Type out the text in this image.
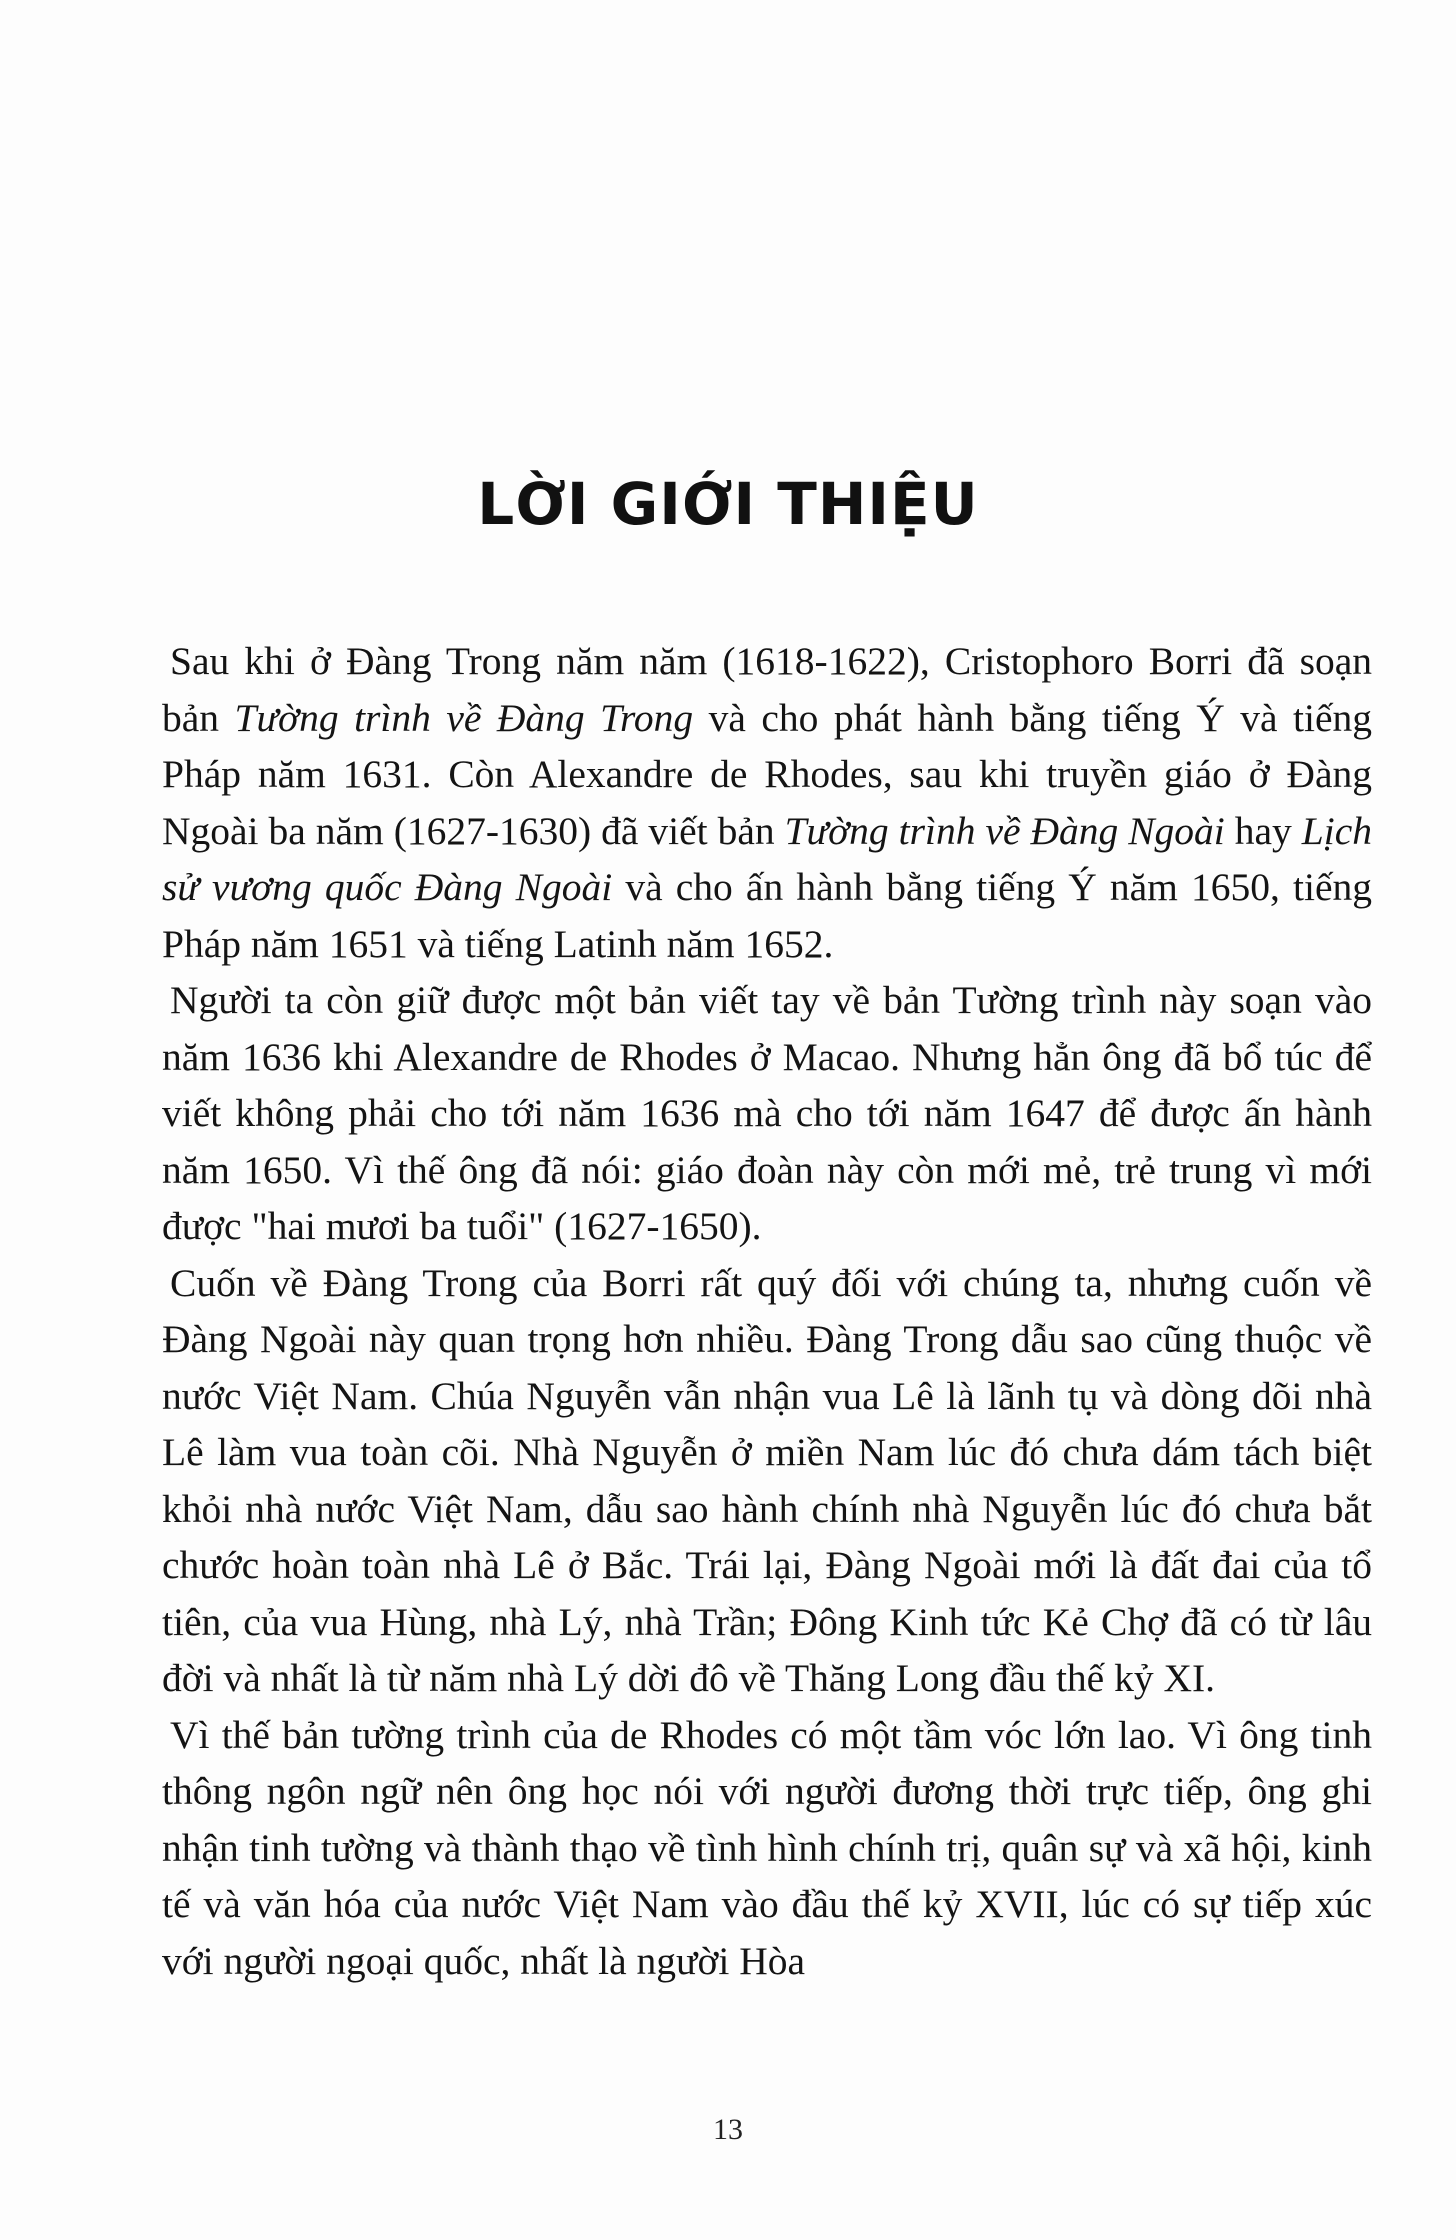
LỜI GIỚI THIỆU

Sau khi ở Đàng Trong năm năm (1618-1622), Cristophoro Borri đã soạn bản Tường trình về Đàng Trong và cho phát hành bằng tiếng Ý và tiếng Pháp năm 1631. Còn Alexandre de Rhodes, sau khi truyền giáo ở Đàng Ngoài ba năm (1627-1630) đã viết bản Tường trình về Đàng Ngoài hay Lịch sử vương quốc Đàng Ngoài và cho ấn hành bằng tiếng Ý năm 1650, tiếng Pháp năm 1651 và tiếng Latinh năm 1652.

Người ta còn giữ được một bản viết tay về bản Tường trình này soạn vào năm 1636 khi Alexandre de Rhodes ở Macao. Nhưng hẳn ông đã bổ túc để viết không phải cho tới năm 1636 mà cho tới năm 1647 để được ấn hành năm 1650. Vì thế ông đã nói: giáo đoàn này còn mới mẻ, trẻ trung vì mới được "hai mươi ba tuổi" (1627-1650).

Cuốn về Đàng Trong của Borri rất quý đối với chúng ta, nhưng cuốn về Đàng Ngoài này quan trọng hơn nhiều. Đàng Trong dẫu sao cũng thuộc về nước Việt Nam. Chúa Nguyễn vẫn nhận vua Lê là lãnh tụ và dòng dõi nhà Lê làm vua toàn cõi. Nhà Nguyễn ở miền Nam lúc đó chưa dám tách biệt khỏi nhà nước Việt Nam, dẫu sao hành chính nhà Nguyễn lúc đó chưa bắt chước hoàn toàn nhà Lê ở Bắc. Trái lại, Đàng Ngoài mới là đất đai của tổ tiên, của vua Hùng, nhà Lý, nhà Trần; Đông Kinh tức Kẻ Chợ đã có từ lâu đời và nhất là từ năm nhà Lý dời đô về Thăng Long đầu thế kỷ XI.

Vì thế bản tường trình của de Rhodes có một tầm vóc lớn lao. Vì ông tinh thông ngôn ngữ nên ông học nói với người đương thời trực tiếp, ông ghi nhận tinh tường và thành thạo về tình hình chính trị, quân sự và xã hội, kinh tế và văn hóa của nước Việt Nam vào đầu thế kỷ XVII, lúc có sự tiếp xúc với người ngoại quốc, nhất là người Hòa

13
